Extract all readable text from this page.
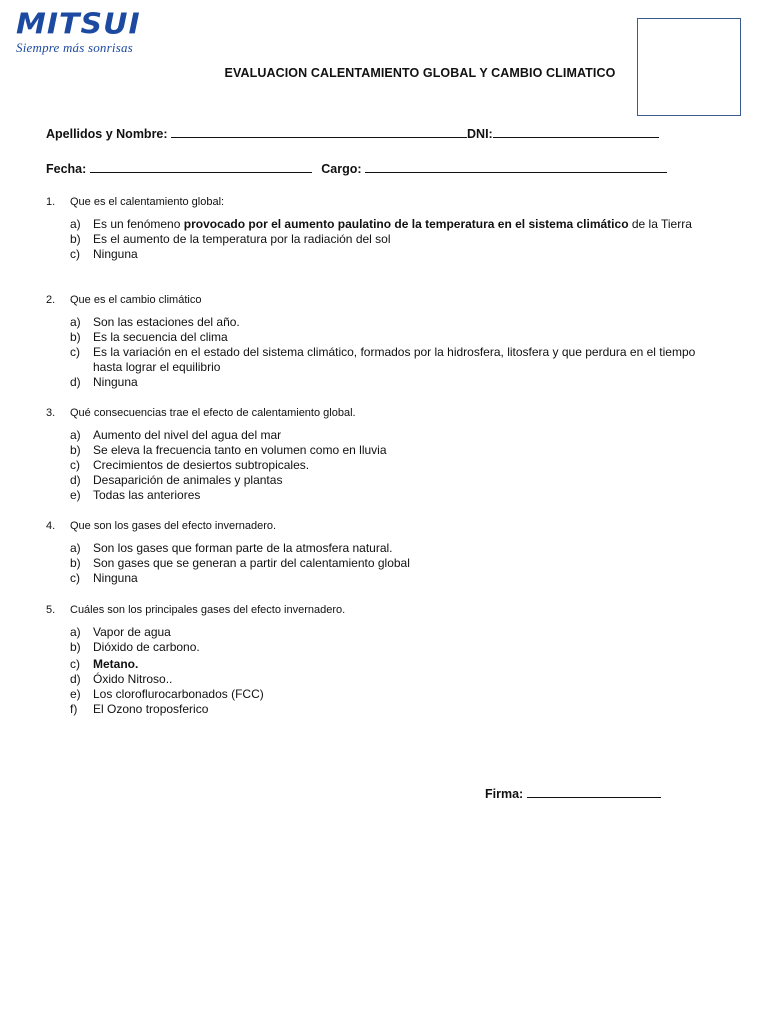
MITSUI
Siempre más sonrisas
EVALUACION CALENTAMIENTO GLOBAL Y CAMBIO CLIMATICO
Apellidos y Nombre:	DNI:
Fecha:	Cargo:

1. Que es el calentamiento global:

a) Es un fenómeno provocado por el aumento paulatino de la temperatura en el sistema climático de la Tierra
b) Es el aumento de la temperatura por la radiación del sol
c) Ninguna

2. Que es el cambio climático

a) Son las estaciones del año.
b) Es la secuencia del clima
c) Es la variación en el estado del sistema climático, formados por la hidrosfera, litosfera y que perdura en el tiempo hasta lograr el equilibrio
d) Ninguna

3. Qué consecuencias trae el efecto de calentamiento global.

a) Aumento del nivel del agua del mar
b) Se eleva la frecuencia tanto en volumen como en lluvia
c) Crecimientos de desiertos subtropicales.
d) Desaparición de animales y plantas
e) Todas las anteriores

4. Que son los gases del efecto invernadero.

a) Son los gases que forman parte de la atmosfera natural.
b) Son gases que se generan a partir del calentamiento global
c) Ninguna

5. Cuáles son los principales gases del efecto invernadero.

a) Vapor de agua
b) Dióxido de carbono.
c) Metano.
d) Óxido Nitroso..
e) Los cloroflurocarbonados (FCC)
f) El Ozono troposferico
Firma:
